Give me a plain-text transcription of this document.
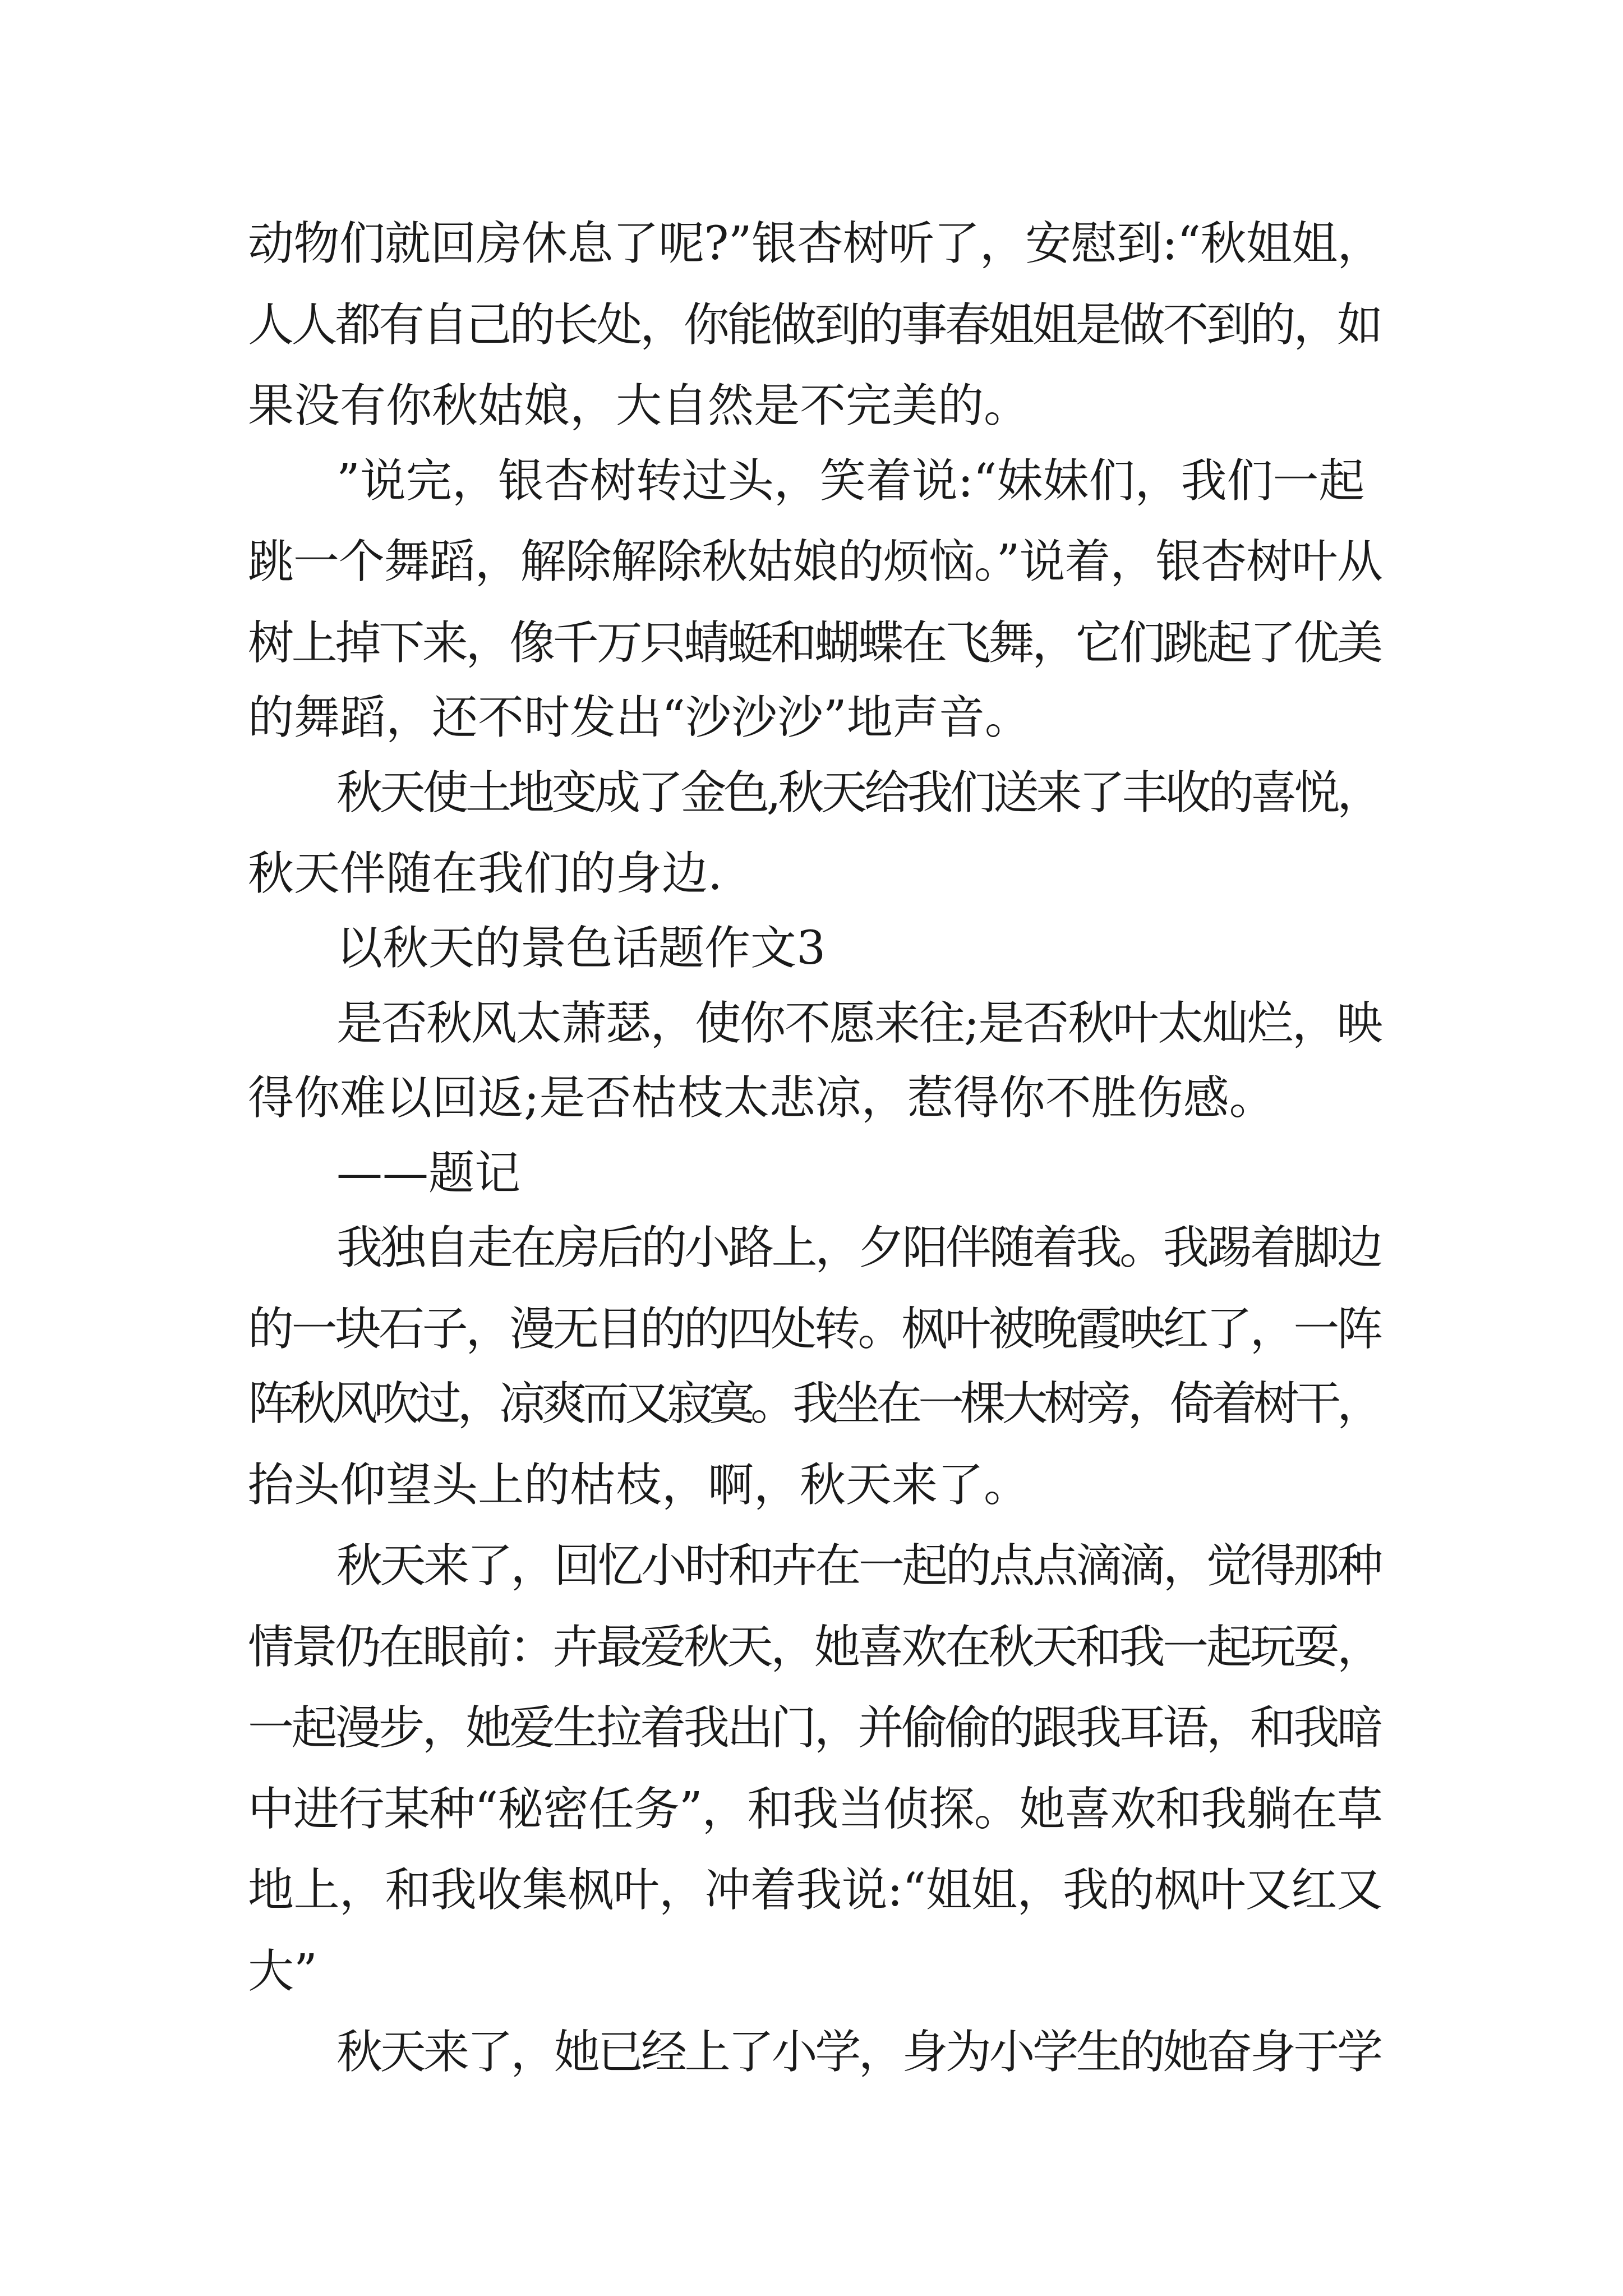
动物们就回房休息了呢?”银杏树听了，安慰到:“秋姐姐，
人人都有自己的长处，你能做到的事春姐姐是做不到的，如
果没有你秋姑娘，大自然是不完美的。
”说完，银杏树转过头，笑着说:“妹妹们，我们一起
跳一个舞蹈，解除解除秋姑娘的烦恼。”说着，银杏树叶从
树上掉下来，像千万只蜻蜓和蝴蝶在飞舞，它们跳起了优美
的舞蹈，还不时发出“沙沙沙”地声音。
秋天使土地变成了金色,秋天给我们送来了丰收的喜悦，
秋天伴随在我们的身边.
以秋天的景色话题作文3
是否秋风太萧瑟，使你不愿来往;是否秋叶太灿烂，映
得你难以回返;是否枯枝太悲凉，惹得你不胜伤感。
——题记
我独自走在房后的小路上，夕阳伴随着我。我踢着脚边
的一块石子，漫无目的的四处转。枫叶被晚霞映红了，一阵
阵秋风吹过，凉爽而又寂寞。我坐在一棵大树旁，倚着树干，
抬头仰望头上的枯枝，啊，秋天来了。
秋天来了，回忆小时和卉在一起的点点滴滴，觉得那种
情景仍在眼前：卉最爱秋天，她喜欢在秋天和我一起玩耍，
一起漫步，她爱生拉着我出门，并偷偷的跟我耳语，和我暗
中进行某种“秘密任务”，和我当侦探。她喜欢和我躺在草
地上，和我收集枫叶，冲着我说:“姐姐，我的枫叶又红又
大”
秋天来了，她已经上了小学，身为小学生的她奋身于学
